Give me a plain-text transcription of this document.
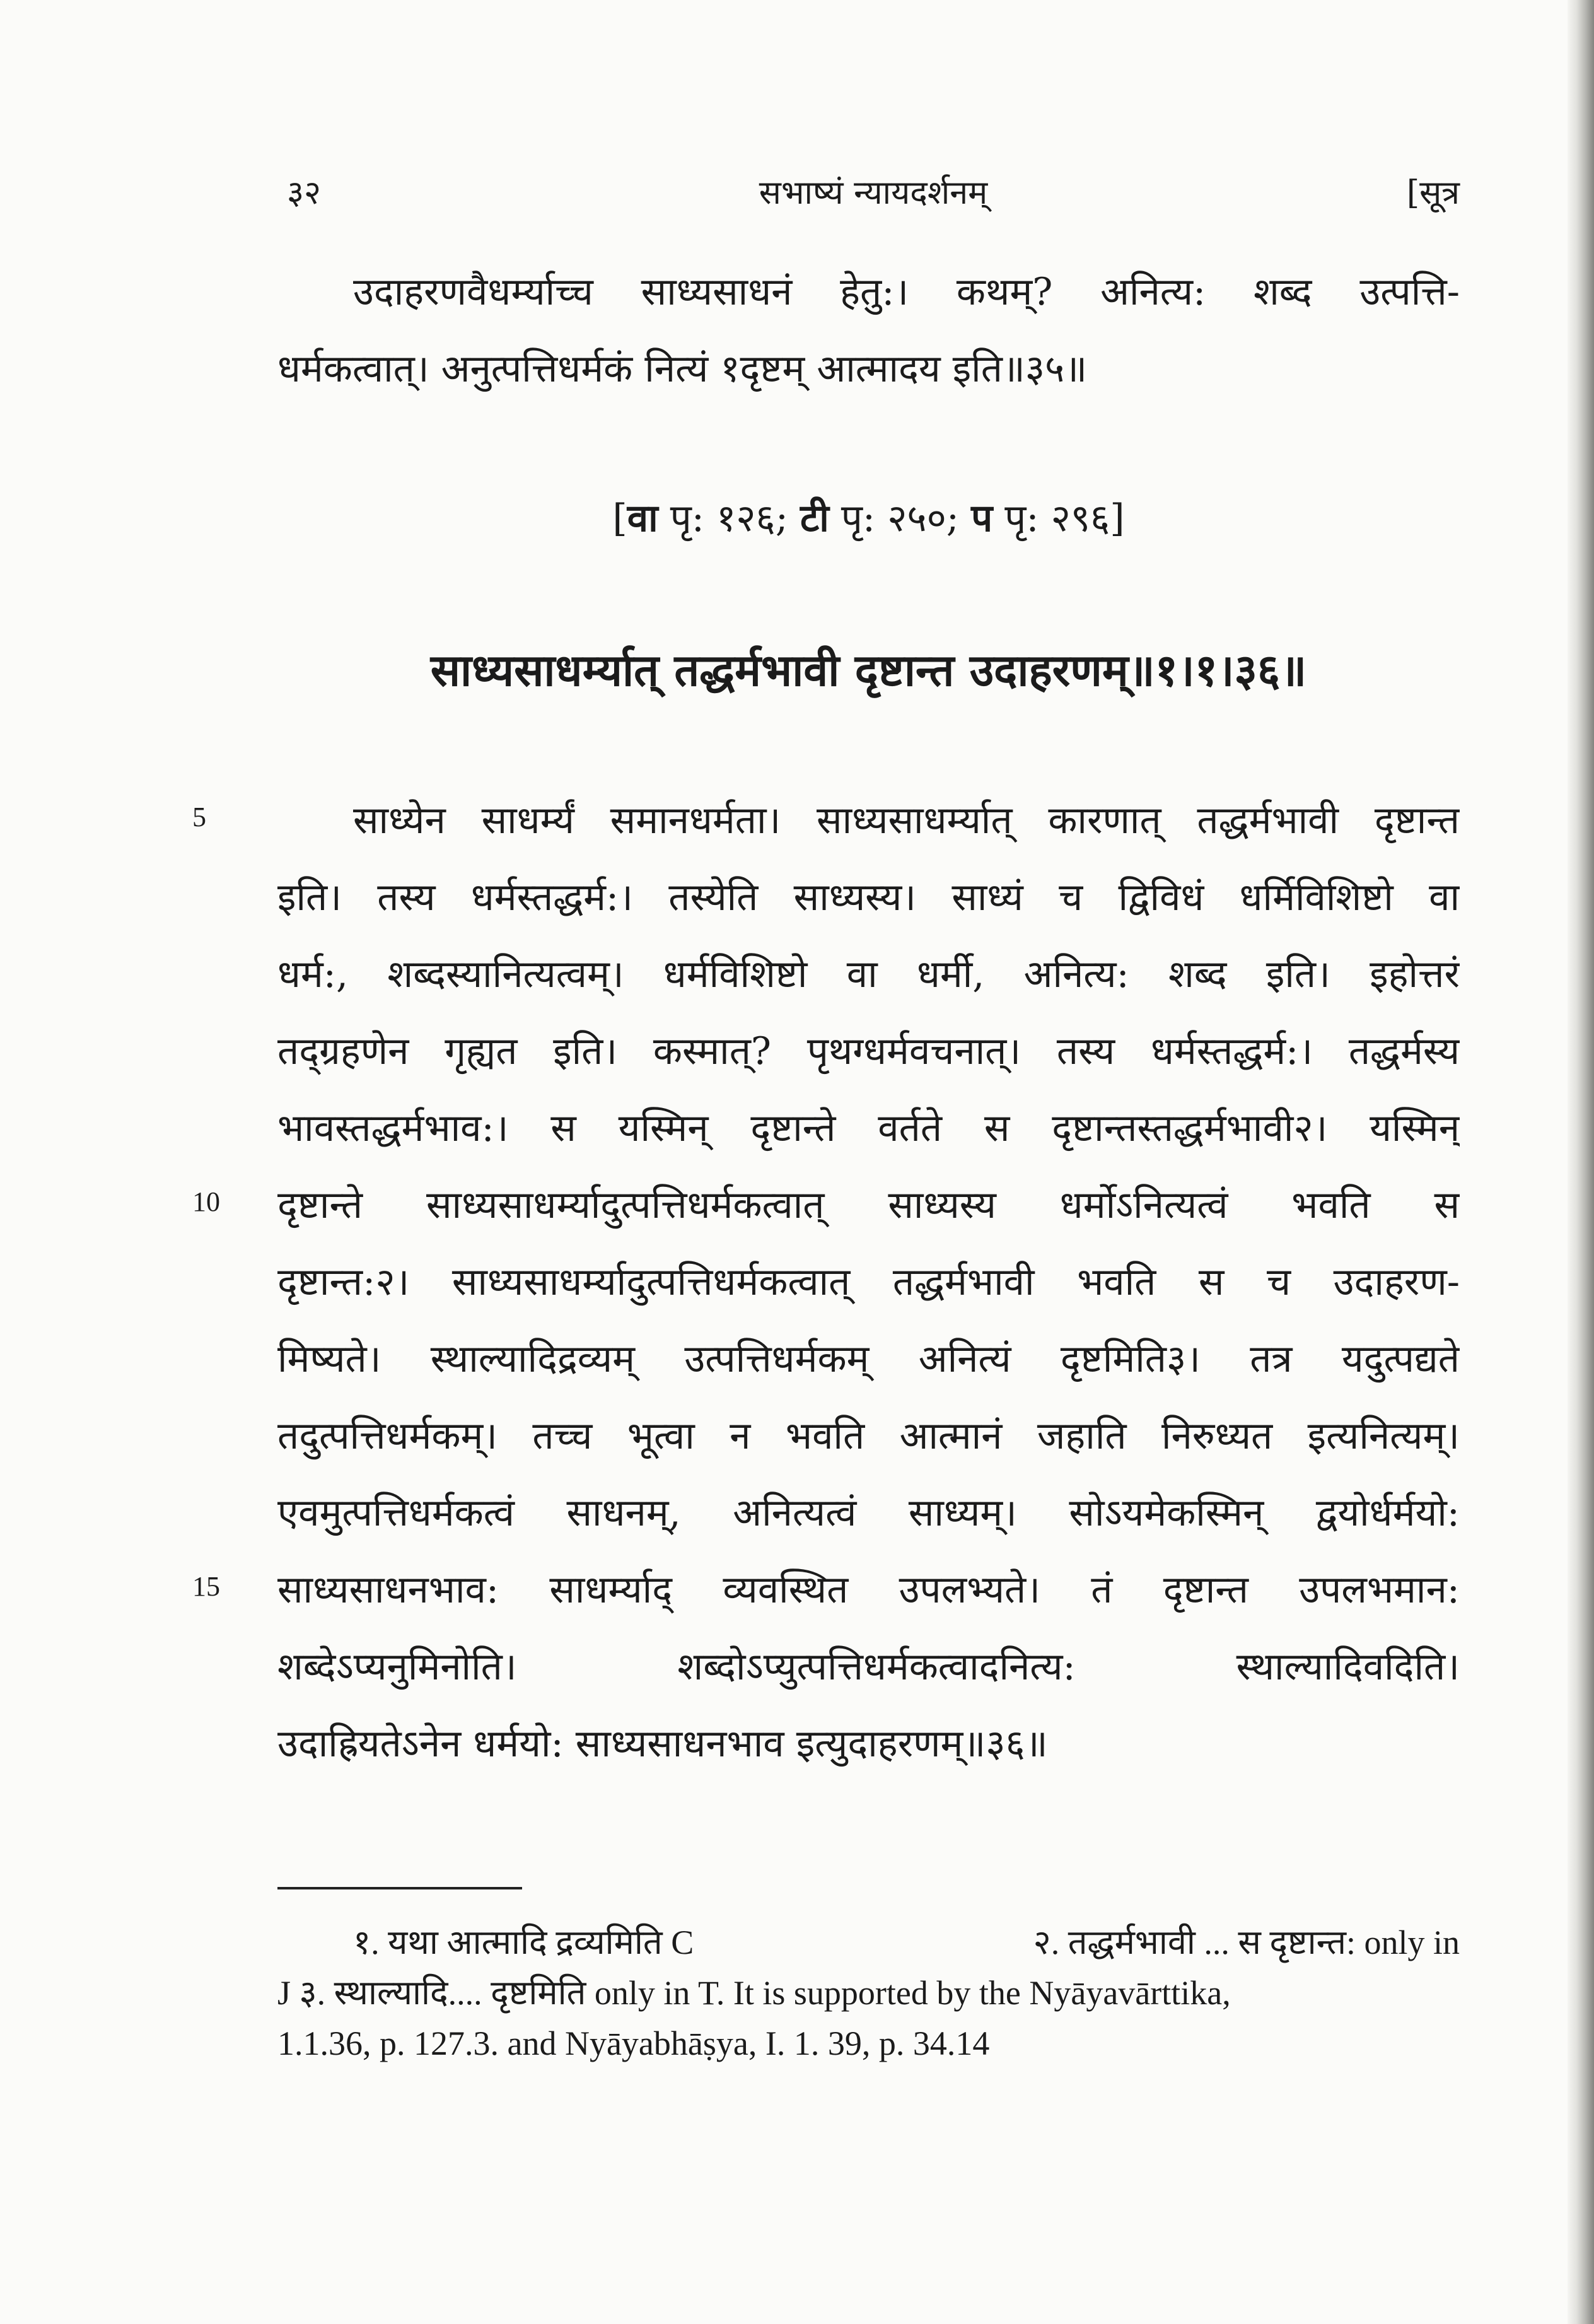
३२	सभाष्यं न्यायदर्शनम्	[सूत्र
उदाहरणवैधर्म्याच्च साध्यसाधनं हेतु:। कथम्? अनित्य: शब्द उत्पत्ति-
धर्मकत्वात्। अनुत्पत्तिधर्मकं नित्यं १दृष्टम् आत्मादय इति॥३५॥
[वा पृ: १२६; टी पृ: २५०; प पृ: २९६]
साध्यसाधर्म्यात् तद्धर्मभावी दृष्टान्त उदाहरणम्॥१।१।३६॥
5
10
15
साध्येन साधर्म्यं समानधर्मता। साध्यसाधर्म्यात् कारणात् तद्धर्मभावी दृष्टान्त
इति। तस्य धर्मस्तद्धर्म:। तस्येति साध्यस्य। साध्यं च द्विविधं धर्मिविशिष्टो वा
धर्म:, शब्दस्यानित्यत्वम्। धर्मविशिष्टो वा धर्मी, अनित्य: शब्द इति। इहोत्तरं
तद्ग्रहणेन गृह्यत इति। कस्मात्? पृथग्धर्मवचनात्। तस्य धर्मस्तद्धर्म:। तद्धर्मस्य
भावस्तद्धर्मभाव:। स यस्मिन् दृष्टान्ते वर्तते स दृष्टान्तस्तद्धर्मभावी२। यस्मिन्
दृष्टान्ते साध्यसाधर्म्यादुत्पत्तिधर्मकत्वात् साध्यस्य धर्मोऽनित्यत्वं भवति स
दृष्टान्त:२। साध्यसाधर्म्यादुत्पत्तिधर्मकत्वात् तद्धर्मभावी भवति स च उदाहरण-
मिष्यते। स्थाल्यादिद्रव्यम् उत्पत्तिधर्मकम् अनित्यं दृष्टमिति३। तत्र यदुत्पद्यते
तदुत्पत्तिधर्मकम्। तच्च भूत्वा न भवति आत्मानं जहाति निरुध्यत इत्यनित्यम्।
एवमुत्पत्तिधर्मकत्वं साधनम्, अनित्यत्वं साध्यम्। सोऽयमेकस्मिन् द्वयोर्धर्मयो:
साध्यसाधनभाव: साधर्म्याद् व्यवस्थित उपलभ्यते। तं दृष्टान्त उपलभमान:
शब्देऽप्यनुमिनोति। शब्दोऽप्युत्पत्तिधर्मकत्वादनित्य: स्थाल्यादिवदिति।
उदाह्रियतेऽनेन धर्मयो: साध्यसाधनभाव इत्युदाहरणम्॥३६॥
१. यथा आत्मादि द्रव्यमिति C	२. तद्धर्मभावी ... स दृष्टान्त: only in
J ३. स्थाल्यादि.... दृष्टमिति only in T. It is supported by the Nyāyavārttika,
1.1.36, p. 127.3. and Nyāyabhāṣya, I. 1. 39, p. 34.14
